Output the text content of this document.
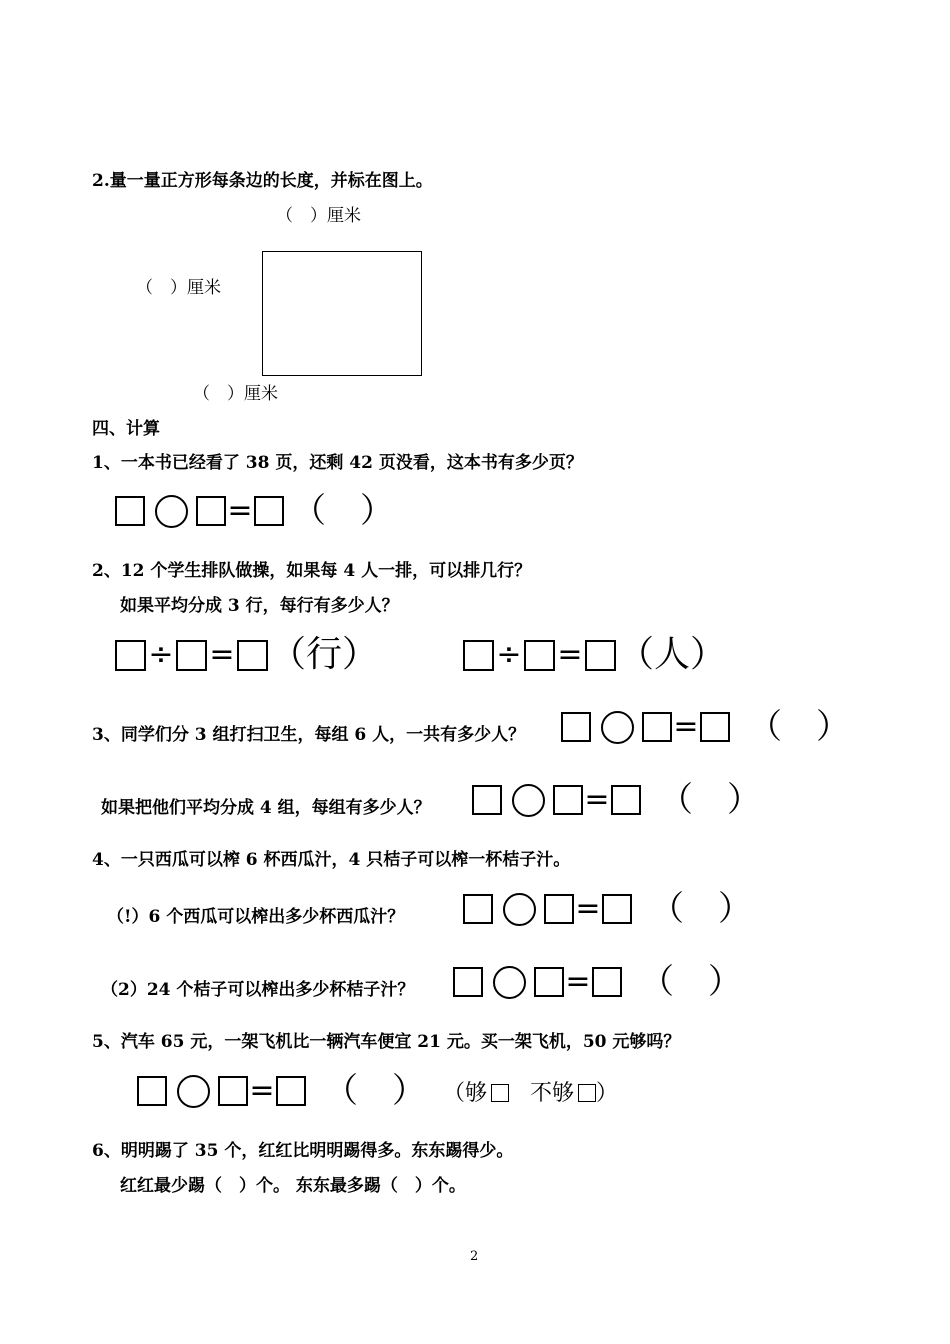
2.量一量正方形每条边的长度，并标在图上。
（　）厘米
（　）厘米
（　）厘米
四、计算
1、一本书已经看了 38 页，还剩 42 页没看，这本书有多少页？
= （　）
2、12 个学生排队做操，如果每 4 人一排，可以排几行？
如果平均分成 3 行，每行有多少人？
÷ = （行）	÷ = （人）
3、同学们分 3 组打扫卫生，每组 6 人，一共有多少人？	= （　）
如果把他们平均分成 4 组，每组有多少人？	= （　）
4、一只西瓜可以榨 6 杯西瓜汁，4 只桔子可以榨一杯桔子汁。
（!）6 个西瓜可以榨出多少杯西瓜汁？	= （　）
（2）24 个桔子可以榨出多少杯桔子汁？	= （　）
5、汽车 65 元，一架飞机比一辆汽车便宜 21 元。买一架飞机，50 元够吗？
= （　） （够 不够 ）
6、明明踢了 35 个，红红比明明踢得多。东东踢得少。
红红最少踢（　）个。 东东最多踢（　）个。
2
